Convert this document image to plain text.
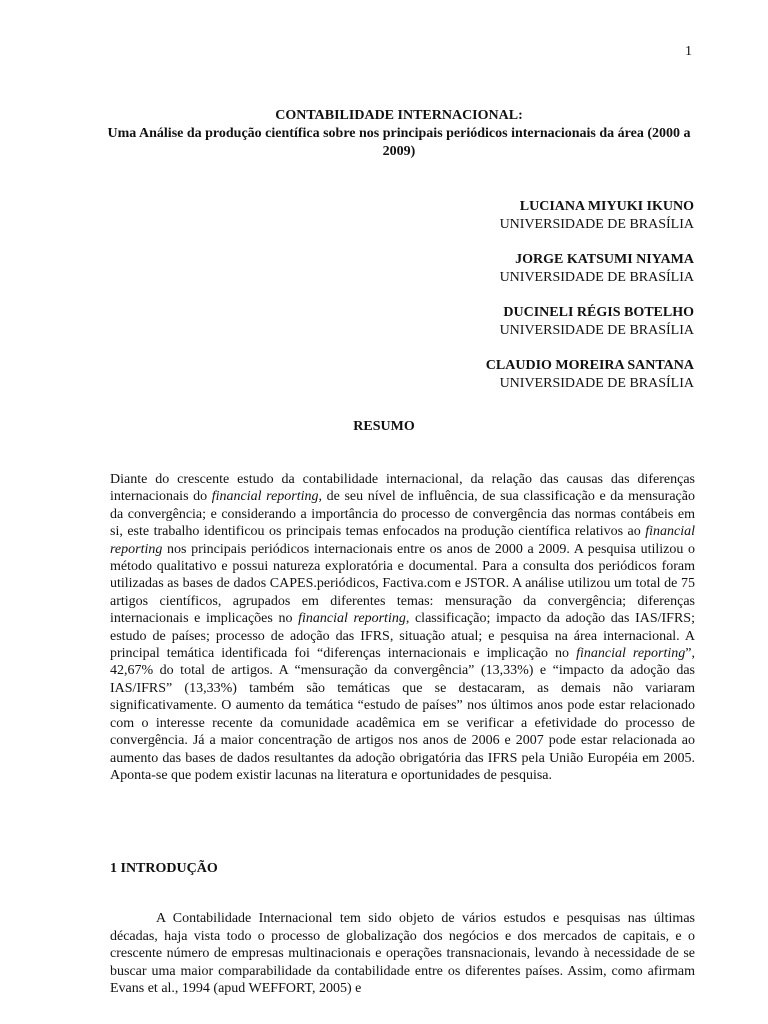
1
CONTABILIDADE INTERNACIONAL:
Uma Análise da produção científica sobre nos principais periódicos internacionais da área (2000 a 2009)
LUCIANA MIYUKI IKUNO
UNIVERSIDADE DE BRASÍLIA
JORGE KATSUMI NIYAMA
UNIVERSIDADE DE BRASÍLIA
DUCINELI RÉGIS BOTELHO
UNIVERSIDADE DE BRASÍLIA
CLAUDIO MOREIRA SANTANA
UNIVERSIDADE DE BRASÍLIA
RESUMO

Diante do crescente estudo da contabilidade internacional, da relação das causas das diferenças internacionais do financial reporting, de seu nível de influência, de sua classificação e da mensuração da convergência; e considerando a importância do processo de convergência das normas contábeis em si, este trabalho identificou os principais temas enfocados na produção científica relativos ao financial reporting nos principais periódicos internacionais entre os anos de 2000 a 2009. A pesquisa utilizou o método qualitativo e possui natureza exploratória e documental. Para a consulta dos periódicos foram utilizadas as bases de dados CAPES.periódicos, Factiva.com e JSTOR. A análise utilizou um total de 75 artigos científicos, agrupados em diferentes temas: mensuração da convergência; diferenças internacionais e implicações no financial reporting, classificação; impacto da adoção das IAS/IFRS; estudo de países; processo de adoção das IFRS, situação atual; e pesquisa na área internacional. A principal temática identificada foi “diferenças internacionais e implicação no financial reporting”, 42,67% do total de artigos. A “mensuração da convergência” (13,33%) e “impacto da adoção das IAS/IFRS” (13,33%) também são temáticas que se destacaram, as demais não variaram significativamente. O aumento da temática “estudo de países” nos últimos anos pode estar relacionado com o interesse recente da comunidade acadêmica em se verificar a efetividade do processo de convergência. Já a maior concentração de artigos nos anos de 2006 e 2007 pode estar relacionada ao aumento das bases de dados resultantes da adoção obrigatória das IFRS pela União Européia em 2005. Aponta-se que podem existir lacunas na literatura e oportunidades de pesquisa.

1 INTRODUÇÃO

A Contabilidade Internacional tem sido objeto de vários estudos e pesquisas nas últimas décadas, haja vista todo o processo de globalização dos negócios e dos mercados de capitais, e o crescente número de empresas multinacionais e operações transnacionais, levando à necessidade de se buscar uma maior comparabilidade da contabilidade entre os diferentes países. Assim, como afirmam Evans et al., 1994 (apud WEFFORT, 2005) e
